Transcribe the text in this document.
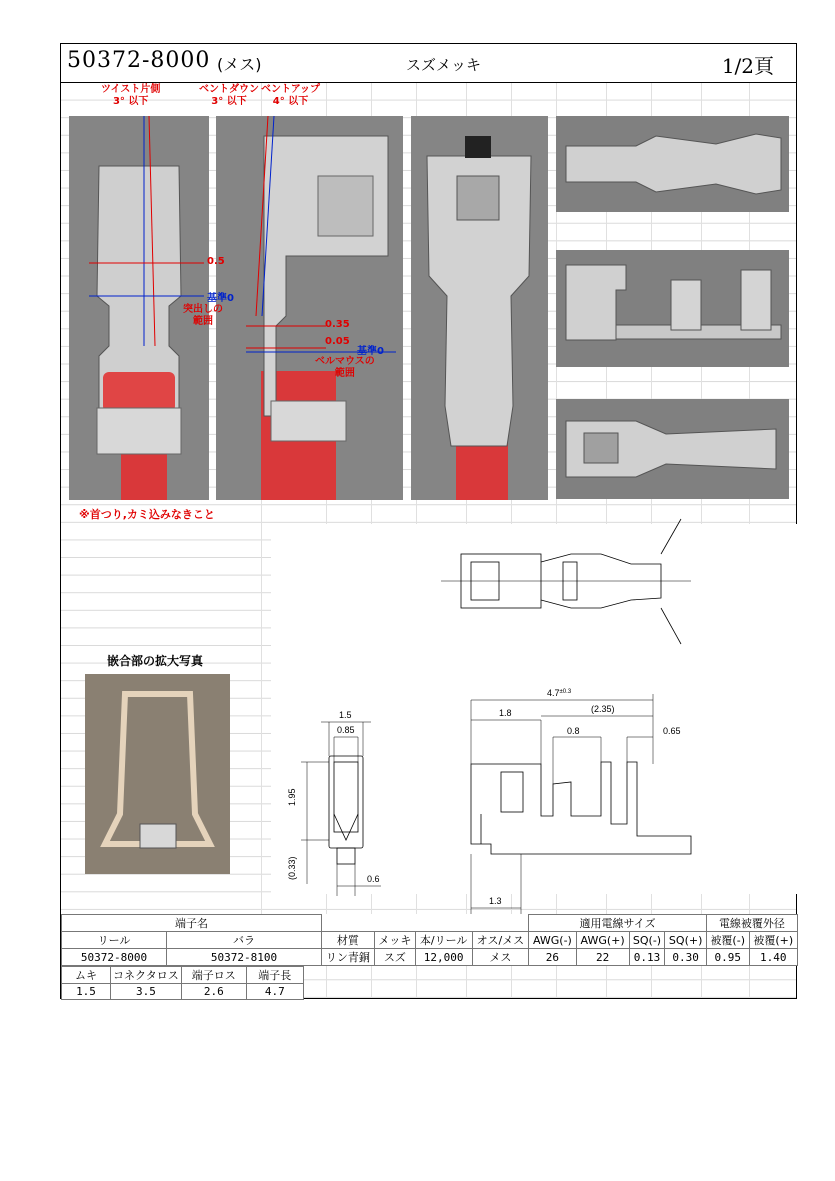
50372-8000 (メス)	スズメッキ	1/2頁
ツイスト片側
3° 以下
ベントダウン
3° 以下
ベントアップ
4° 以下
0.5
基準0
突出しの
範囲	0.35
0.05
基準0
ベルマウスの
範囲
※首つり,カミ込みなきこと
嵌合部の拡大写真
1.5
0.85
1.95
(0.33)	0.6
$4.7^{\pm 0.3}$
1.8	(2.35)
0.8	0.65
1.3
端子名						適用電線サイズ				電線被覆外径	
リール	バラ	材質	メッキ	本/リール	オス/メス	AWG(-)	AWG(+)	SQ(-)	SQ(+)	被覆(-)	被覆(+)
50372-8000	50372-8100	リン青銅	スズ	12,000	メス	26	22	0.13	0.30	0.95	1.40
ムキ	コネクタロス	端子ロス	端子長
1.5	3.5	2.6	4.7
